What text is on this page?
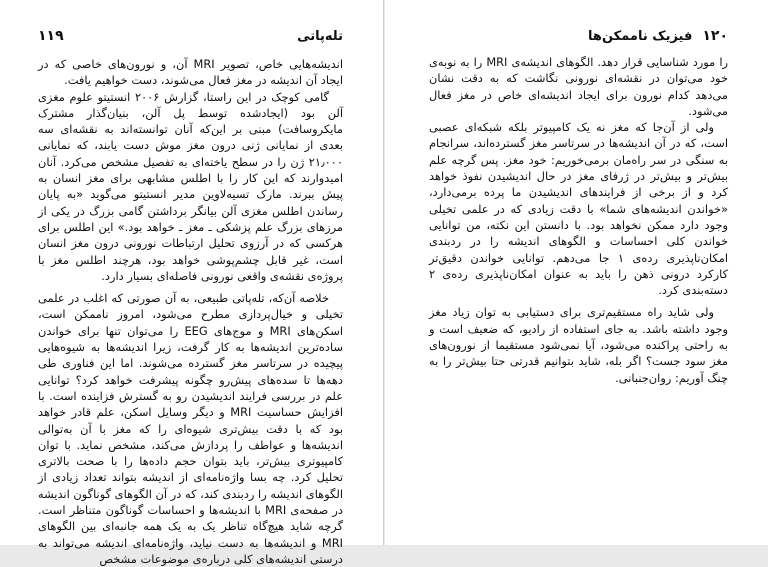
تله‌پاتی
۱۱۹

اندیشه‌هایی خاص، تصویر MRI آن، و نورون‌های خاصی که در ایجاد آن اندیشه در مغز فعال می‌شوند، دست خواهیم یافت.

گامی کوچک در این راستا، گزارش ۲۰۰۶ انستیتو علوم مغزی آلن بود (ایجادشده توسط پل آلن، بنیان‌گذار مشترک مایکروسافت) مبنی بر این‌که آنان توانسته‌اند به نقشه‌ای سه بعدی از نمایانی ژنی درون مغز موش دست یابند، که نمایانی ۲۱٫۰۰۰ ژن را در سطح یاخته‌ای به تفصیل مشخص می‌کرد. آنان امیدوارند که این کار را با اطلس مشابهی برای مغز انسان به پیش ببرند. مارک تسیه‌لاوین مدیر انستیتو می‌گوید «به پایان رساندن اطلس مغزی آلن بیانگر برداشتن گامی بزرگ در یکی از مرزهای بزرگ علم پزشکی ـ مغز ـ خواهد بود.» این اطلس برای هرکسی که در آرزوی تحلیل ارتباطات نورونی درون مغز انسان است، غیر قابل چشم‌پوشی خواهد بود، هرچند اطلس مغز با پروژه‌ی نقشه‌ی واقعی نورونی فاصله‌ای بسیار دارد.

خلاصه آن‌که، تله‌پاتی طبیعی، به آن صورتی که اغلب در علمی تخیلی و خیال‌پردازی مطرح می‌شود، امروز ناممکن است، اسکن‌های MRI و موج‌های EEG را می‌توان تنها برای خواندن ساده‌ترین اندیشه‌ها به کار گرفت، زیرا اندیشه‌ها به شیوه‌هایی پیچیده در سرتاسر مغز گسترده می‌شوند. اما این فناوری طی دهه‌ها تا سده‌های پیش‌رو چگونه پیشرفت خواهد کرد؟ توانایی علم در بررسی فرایند اندیشیدن رو به گسترش فزاینده است. با افزایش حساسیت MRI و دیگر وسایل اسکن، علم قادر خواهد بود که با دقت بیش‌تری شیوه‌ای را که مغز با آن به‌توالی اندیشه‌ها و عواطف را پردازش می‌کند، مشخص نماید. با توان کامپیوتری بیش‌تر، باید بتوان حجم داده‌ها را با صحت بالاتری تحلیل کرد. چه بسا واژه‌نامه‌ای از اندیشه بتواند تعداد زیادی از الگوهای اندیشه را ردبندی کند، که در آن الگوهای گوناگون اندیشه در صفحه‌ی MRI با اندیشه‌ها و احساسات گوناگون متناظر است. گرچه شاید هیچ‌گاه تناظر یک به یک همه جانبه‌ای بین الگوهای MRI و اندیشه‌ها به دست نیاید، واژه‌نامه‌ای اندیشه می‌تواند به درستی اندیشه‌های کلی درباره‌ی موضوعات مشخص

۱۲۰
فیزیک ناممکن‌ها

را مورد شناسایی قرار دهد. الگوهای اندیشه‌ی MRI را به نوبه‌ی خود می‌توان در نقشه‌ای نورونی نگاشت که به دقت نشان می‌دهد کدام نورون برای ایجاد اندیشه‌ای خاص در مغز فعال می‌شود.

ولی از آن‌جا که مغز نه یک کامپیوتر بلکه شبکه‌ای عصبی است، که در آن اندیشه‌ها در سرتاسر مغز گسترده‌اند، سرانجام به سنگی در سر راه‌مان برمی‌خوریم: خود مغز. پس گرچه علم بیش‌تر و بیش‌تر در ژرفای مغز در حال اندیشیدن نفوذ خواهد کرد و از برخی از فرایندهای اندیشیدن ما پرده برمی‌دارد، «خواندن اندیشه‌های شما» با دقت زیادی که در علمی تخیلی وجود دارد ممکن نخواهد بود. با دانستن این نکته، من توانایی خواندن کلی احساسات و الگوهای اندیشه را در ردبندی امکان‌ناپذیری رده‌ی ۱ جا می‌دهم. توانایی خواندن دقیق‌تر کارکرد درونی ذهن را باید به عنوان امکان‌ناپذیری رده‌ی ۲ دسته‌بندی کرد.

ولی شاید راه مستقیم‌تری برای دستیابی به توان زیاد مغز وجود داشته باشد. به جای استفاده از رادیو، که ضعیف است و به راحتی پراکنده می‌شود، آیا نمی‌شود مستقیما از نورون‌های مغز سود جست؟ اگر بله، شاید بتوانیم قدرتی حتا بیش‌تر را به چنگ آوریم: روان‌جنبانی.
